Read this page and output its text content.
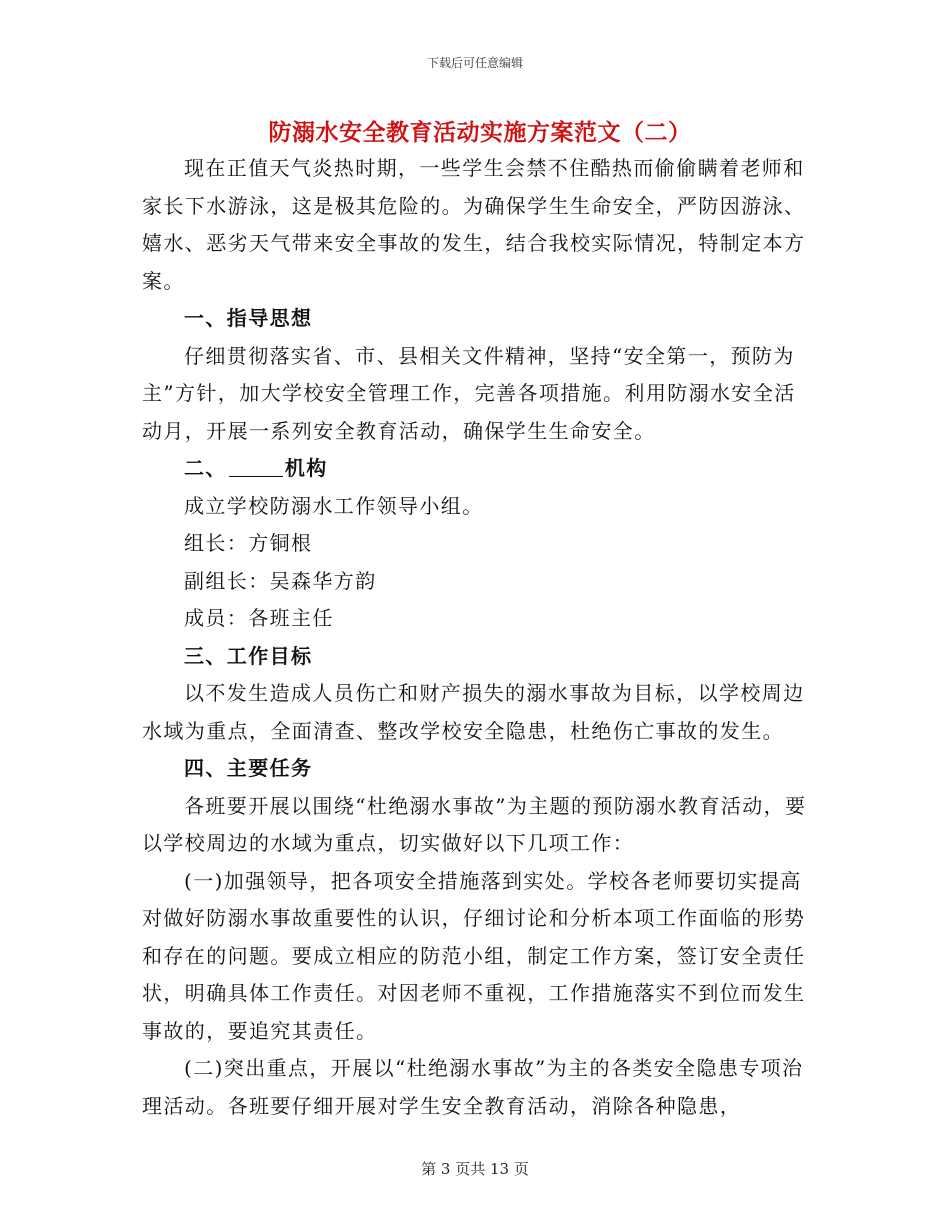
下载后可任意编辑
防溺水安全教育活动实施方案范文（二）

现在正值天气炎热时期，一些学生会禁不住酷热而偷偷瞒着老师和家长下水游泳，这是极其危险的。为确保学生生命安全，严防因游泳、嬉水、恶劣天气带来安全事故的发生，结合我校实际情况，特制定本方案。

一、指导思想

仔细贯彻落实省、市、县相关文件精神，坚持“安全第一，预防为主”方针，加大学校安全管理工作，完善各项措施。利用防溺水安全活动月，开展一系列安全教育活动，确保学生生命安全。

二、	机构

成立学校防溺水工作领导小组。

组长：方铜根

副组长：吴森华方韵

成员：各班主任

三、工作目标

以不发生造成人员伤亡和财产损失的溺水事故为目标，以学校周边水域为重点，全面清查、整改学校安全隐患，杜绝伤亡事故的发生。

四、主要任务

各班要开展以围绕“杜绝溺水事故”为主题的预防溺水教育活动，要以学校周边的水域为重点，切实做好以下几项工作：

(一)加强领导，把各项安全措施落到实处。学校各老师要切实提高对做好防溺水事故重要性的认识，仔细讨论和分析本项工作面临的形势和存在的问题。要成立相应的防范小组，制定工作方案，签订安全责任状，明确具体工作责任。对因老师不重视，工作措施落实不到位而发生事故的，要追究其责任。

(二)突出重点，开展以“杜绝溺水事故”为主的各类安全隐患专项治理活动。各班要仔细开展对学生安全教育活动，消除各种隐患，

第 3 页共 13 页
